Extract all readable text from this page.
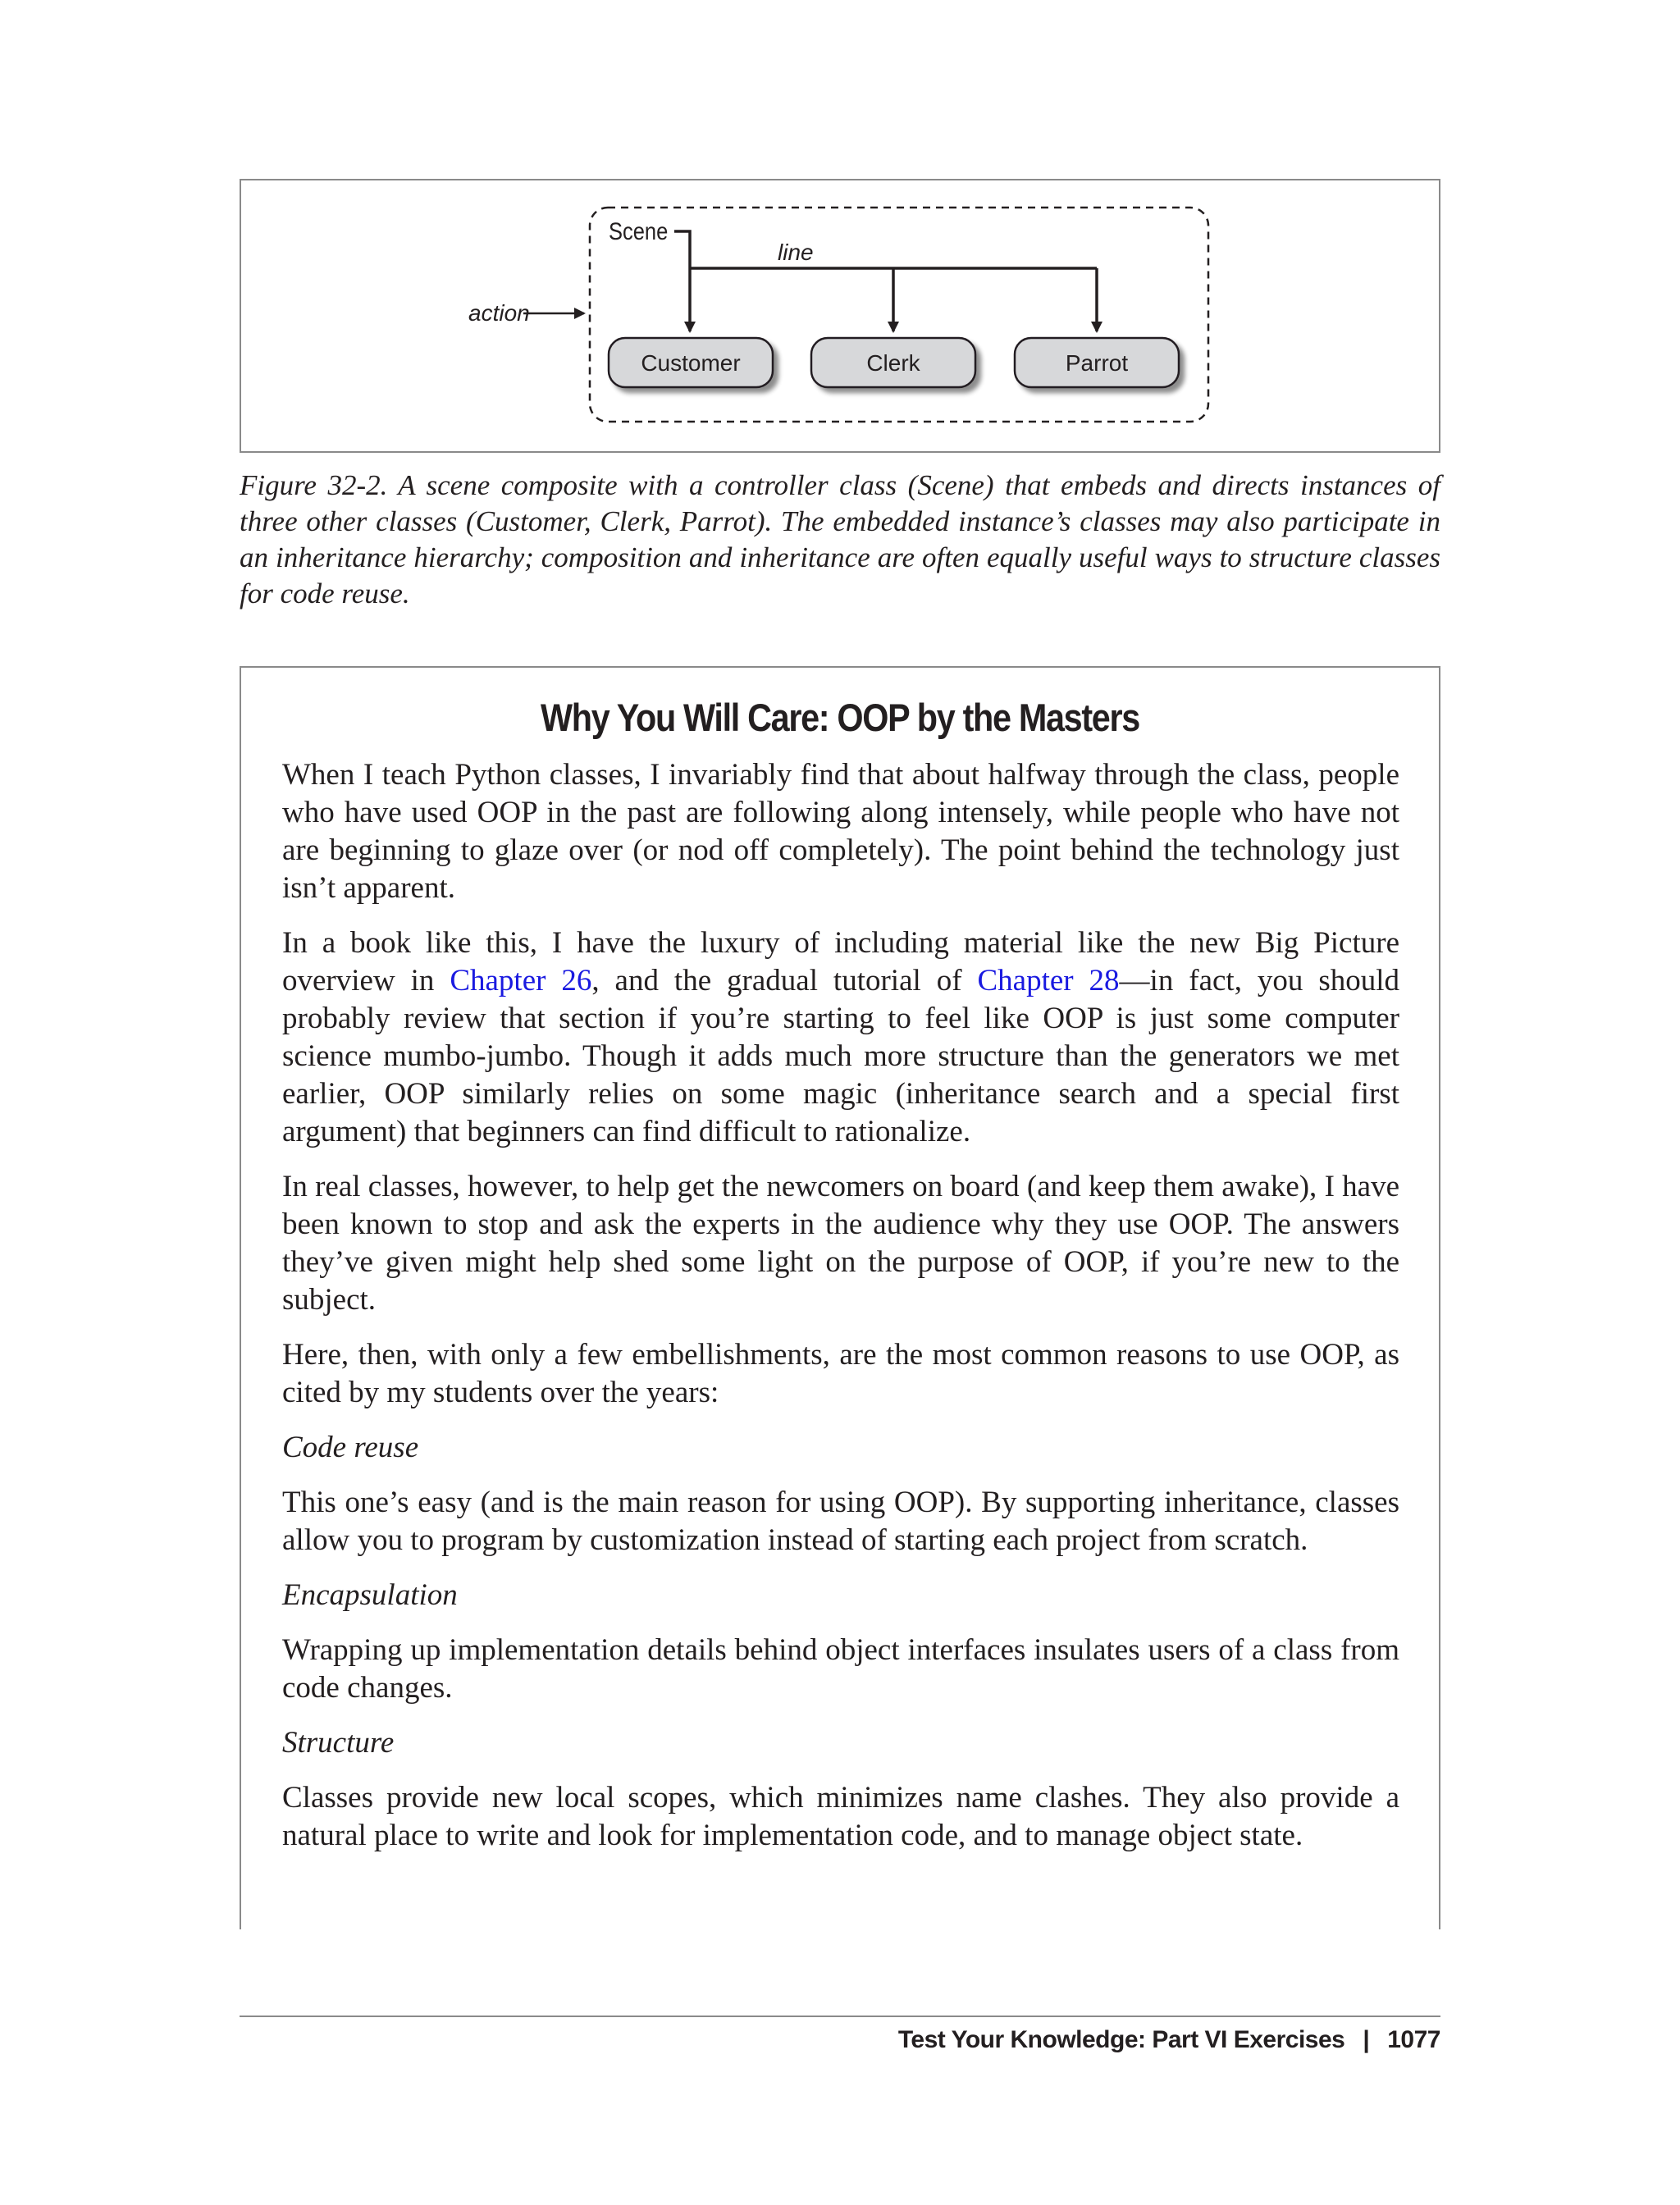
Scene
line
action
Customer	Clerk	Parrot

Figure 32-2. A scene composite with a controller class (Scene) that embeds and directs instances of three other classes (Customer, Clerk, Parrot). The embedded instance’s classes may also participate in an inheritance hierarchy; composition and inheritance are often equally useful ways to structure classes for code reuse.

Why You Will Care: OOP by the Masters

When I teach Python classes, I invariably find that about halfway through the class, people who have used OOP in the past are following along intensely, while people who have not are beginning to glaze over (or nod off completely). The point behind the technology just isn’t apparent.

In a book like this, I have the luxury of including material like the new Big Picture overview in Chapter 26, and the gradual tutorial of Chapter 28—in fact, you should probably review that section if you’re starting to feel like OOP is just some computer science mumbo-jumbo. Though it adds much more structure than the generators we met earlier, OOP similarly relies on some magic (inheritance search and a special first argument) that beginners can find difficult to rationalize.

In real classes, however, to help get the newcomers on board (and keep them awake), I have been known to stop and ask the experts in the audience why they use OOP. The answers they’ve given might help shed some light on the purpose of OOP, if you’re new to the subject.

Here, then, with only a few embellishments, are the most common reasons to use OOP, as cited by my students over the years:

Code reuse

This one’s easy (and is the main reason for using OOP). By supporting inheritance, classes allow you to program by customization instead of starting each project from scratch.

Encapsulation

Wrapping up implementation details behind object interfaces insulates users of a class from code changes.

Structure

Classes provide new local scopes, which minimizes name clashes. They also provide a natural place to write and look for implementation code, and to manage object state.

Test Your Knowledge: Part VI Exercises | 1077
